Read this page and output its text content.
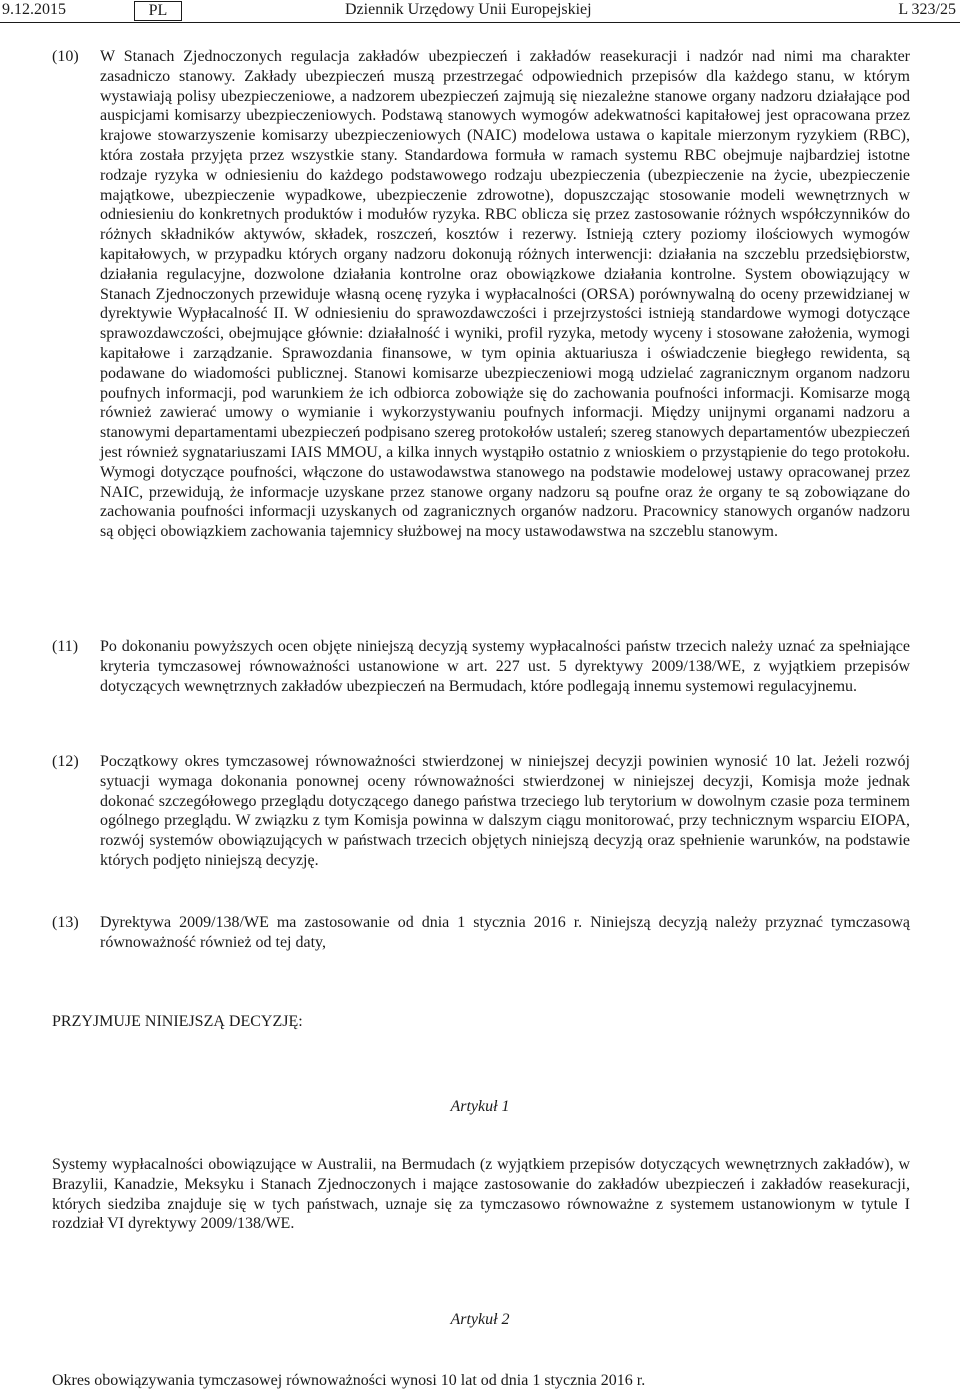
9.12.2015	PL	Dziennik Urzędowy Unii Europejskiej	L 323/25
(10) W Stanach Zjednoczonych regulacja zakładów ubezpieczeń i zakładów reasekuracji i nadzór nad nimi ma charakter zasadniczo stanowy. Zakłady ubezpieczeń muszą przestrzegać odpowiednich przepisów dla każdego stanu, w którym wystawiają polisy ubezpieczeniowe, a nadzorem ubezpieczeń zajmują się niezależne stanowe organy nadzoru działające pod auspicjami komisarzy ubezpieczeniowych. Podstawą stanowych wymogów adekwatności kapitałowej jest opracowana przez krajowe stowarzyszenie komisarzy ubezpieczeniowych (NAIC) modelowa ustawa o kapitale mierzonym ryzykiem (RBC), która została przyjęta przez wszystkie stany. Standardowa formuła w ramach systemu RBC obejmuje najbardziej istotne rodzaje ryzyka w odniesieniu do każdego podstawowego rodzaju ubezpieczenia (ubezpieczenie na życie, ubezpieczenie majątkowe, ubezpieczenie wypadkowe, ubezpieczenie zdrowotne), dopuszczając stosowanie modeli wewnętrznych w odniesieniu do konkretnych produktów i modułów ryzyka. RBC oblicza się przez zastosowanie różnych współczynników do różnych składników aktywów, składek, roszczeń, kosztów i rezerwy. Istnieją cztery poziomy ilościowych wymogów kapitałowych, w przypadku których organy nadzoru dokonują różnych interwencji: działania na szczeblu przedsiębiorstw, działania regulacyjne, dozwolone działania kontrolne oraz obowiązkowe działania kontrolne. System obowiązujący w Stanach Zjednoczonych przewiduje własną ocenę ryzyka i wypłacalności (ORSA) porównywalną do oceny przewidzianej w dyrektywie Wypłacalność II. W odniesieniu do sprawozdawczości i przejrzystości istnieją standardowe wymogi dotyczące sprawozdawczości, obejmujące głównie: działalność i wyniki, profil ryzyka, metody wyceny i stosowane założenia, wymogi kapitałowe i zarządzanie. Sprawozdania finansowe, w tym opinia aktuariusza i oświadczenie biegłego rewidenta, są podawane do wiadomości publicznej. Stanowi komisarze ubezpieczeniowi mogą udzielać zagranicznym organom nadzoru poufnych informacji, pod warunkiem że ich odbiorca zobowiąże się do zachowania poufności informacji. Komisarze mogą również zawierać umowy o wymianie i wykorzystywaniu poufnych informacji. Między unijnymi organami nadzoru a stanowymi departamentami ubezpieczeń podpisano szereg protokołów ustaleń; szereg stanowych departamentów ubezpieczeń jest również sygnatariuszami IAIS MMOU, a kilka innych wystąpiło ostatnio z wnioskiem o przystąpienie do tego protokołu. Wymogi dotyczące poufności, włączone do ustawodawstwa stanowego na podstawie modelowej ustawy opracowanej przez NAIC, przewidują, że informacje uzyskane przez stanowe organy nadzoru są poufne oraz że organy te są zobowiązane do zachowania poufności informacji uzyskanych od zagranicznych organów nadzoru. Pracownicy stanowych organów nadzoru są objęci obowiązkiem zachowania tajemnicy służbowej na mocy ustawodawstwa na szczeblu stanowym.
(11) Po dokonaniu powyższych ocen objęte niniejszą decyzją systemy wypłacalności państw trzecich należy uznać za spełniające kryteria tymczasowej równoważności ustanowione w art. 227 ust. 5 dyrektywy 2009/138/WE, z wyjątkiem przepisów dotyczących wewnętrznych zakładów ubezpieczeń na Bermudach, które podlegają innemu systemowi regulacyjnemu.
(12) Początkowy okres tymczasowej równoważności stwierdzonej w niniejszej decyzji powinien wynosić 10 lat. Jeżeli rozwój sytuacji wymaga dokonania ponownej oceny równoważności stwierdzonej w niniejszej decyzji, Komisja może jednak dokonać szczegółowego przeglądu dotyczącego danego państwa trzeciego lub terytorium w dowolnym czasie poza terminem ogólnego przeglądu. W związku z tym Komisja powinna w dalszym ciągu monitorować, przy technicznym wsparciu EIOPA, rozwój systemów obowiązujących w państwach trzecich objętych niniejszą decyzją oraz spełnienie warunków, na podstawie których podjęto niniejszą decyzję.
(13) Dyrektywa 2009/138/WE ma zastosowanie od dnia 1 stycznia 2016 r. Niniejszą decyzją należy przyznać tymczasową równoważność również od tej daty,
PRZYJMUJE NINIEJSZĄ DECYZJĘ:
Artykuł 1
Systemy wypłacalności obowiązujące w Australii, na Bermudach (z wyjątkiem przepisów dotyczących wewnętrznych zakładów), w Brazylii, Kanadzie, Meksyku i Stanach Zjednoczonych i mające zastosowanie do zakładów ubezpieczeń i zakładów reasekuracji, których siedziba znajduje się w tych państwach, uznaje się za tymczasowo równoważne z systemem ustanowionym w tytule I rozdział VI dyrektywy 2009/138/WE.
Artykuł 2
Okres obowiązywania tymczasowej równoważności wynosi 10 lat od dnia 1 stycznia 2016 r.
